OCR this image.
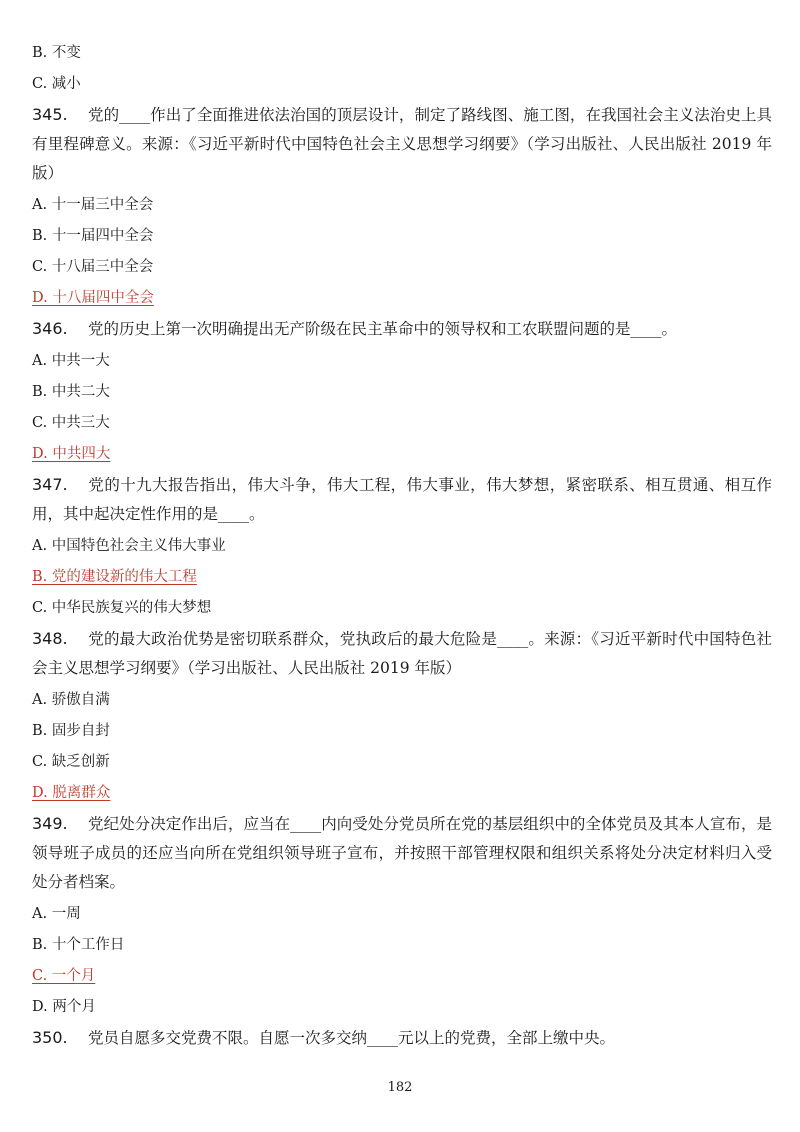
B. 不变
C. 减小
345. 党的____作出了全面推进依法治国的顶层设计，制定了路线图、施工图，在我国社会主义法治史上具有里程碑意义。来源：《习近平新时代中国特色社会主义思想学习纲要》（学习出版社、人民出版社 2019 年版）
A. 十一届三中全会
B. 十一届四中全会
C. 十八届三中全会
D. 十八届四中全会
346. 党的历史上第一次明确提出无产阶级在民主革命中的领导权和工农联盟问题的是____。
A. 中共一大
B. 中共二大
C. 中共三大
D. 中共四大
347. 党的十九大报告指出，伟大斗争，伟大工程，伟大事业，伟大梦想，紧密联系、相互贯通、相互作用，其中起决定性作用的是____。
A. 中国特色社会主义伟大事业
B. 党的建设新的伟大工程
C. 中华民族复兴的伟大梦想
348. 党的最大政治优势是密切联系群众，党执政后的最大危险是____。来源：《习近平新时代中国特色社会主义思想学习纲要》（学习出版社、人民出版社 2019 年版）
A. 骄傲自满
B. 固步自封
C. 缺乏创新
D. 脱离群众
349. 党纪处分决定作出后，应当在____内向受处分党员所在党的基层组织中的全体党员及其本人宣布，是领导班子成员的还应当向所在党组织领导班子宣布，并按照干部管理权限和组织关系将处分决定材料归入受处分者档案。
A. 一周
B. 十个工作日
C. 一个月
D. 两个月
350. 党员自愿多交党费不限。自愿一次多交纳____元以上的党费，全部上缴中央。
182
